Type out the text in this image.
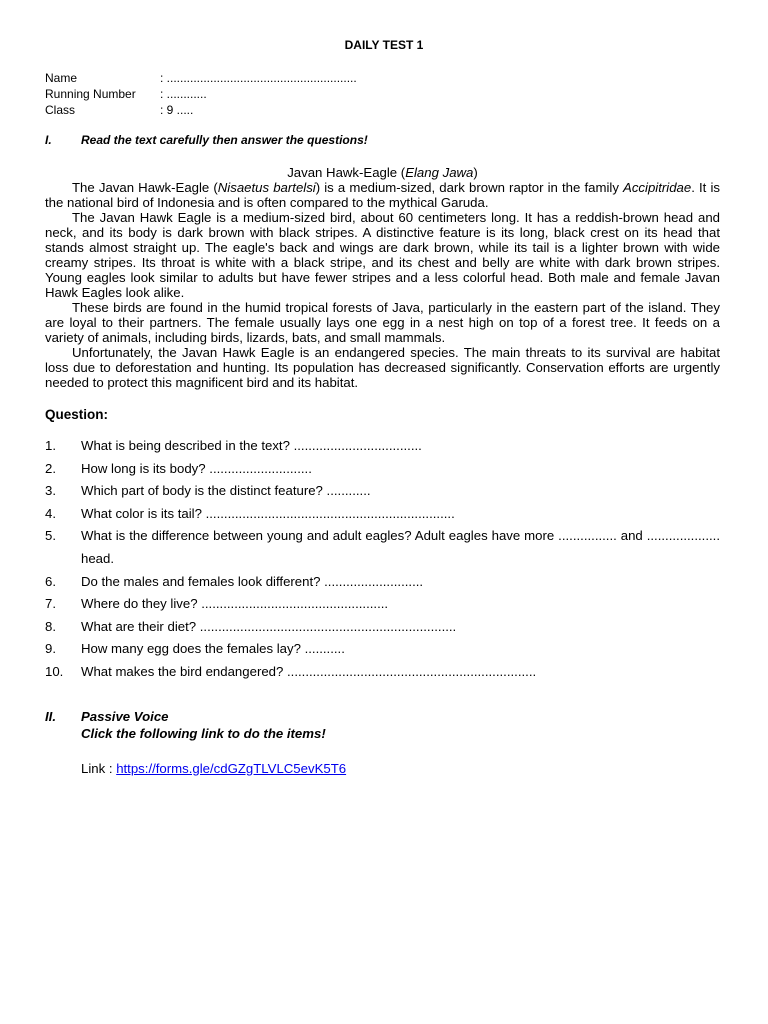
DAILY TEST 1
Name	: .........................................................
Running Number	: ............
Class	: 9 .....
I.	Read the text carefully then answer the questions!
Javan Hawk-Eagle (Elang Jawa)

The Javan Hawk-Eagle (Nisaetus bartelsi) is a medium-sized, dark brown raptor in the family Accipitridae. It is the national bird of Indonesia and is often compared to the mythical Garuda.

The Javan Hawk Eagle is a medium-sized bird, about 60 centimeters long. It has a reddish-brown head and neck, and its body is dark brown with black stripes. A distinctive feature is its long, black crest on its head that stands almost straight up. The eagle's back and wings are dark brown, while its tail is a lighter brown with wide creamy stripes. Its throat is white with a black stripe, and its chest and belly are white with dark brown stripes. Young eagles look similar to adults but have fewer stripes and a less colorful head. Both male and female Javan Hawk Eagles look alike.

These birds are found in the humid tropical forests of Java, particularly in the eastern part of the island. They are loyal to their partners. The female usually lays one egg in a nest high on top of a forest tree. It feeds on a variety of animals, including birds, lizards, bats, and small mammals.

Unfortunately, the Javan Hawk Eagle is an endangered species. The main threats to its survival are habitat loss due to deforestation and hunting. Its population has decreased significantly. Conservation efforts are urgently needed to protect this magnificent bird and its habitat.

Question:
1.	What is being described in the text? ...................................
2.	How long is its body? ............................
3.	Which part of body is the distinct feature? ............
4.	What color is its tail? ....................................................................
5.	What is the difference between young and adult eagles? Adult eagles have more ................ and .................... head.
6.	Do the males and females look different? ...........................
7.	Where do they live? ...................................................
8.	What are their diet? ......................................................................
9.	How many egg does the females lay? ...........
10.	What makes the bird endangered? ....................................................................
II.	Passive Voice
Click the following link to do the items!
Link : https://forms.gle/cdGZgTLVLC5evK5T6
